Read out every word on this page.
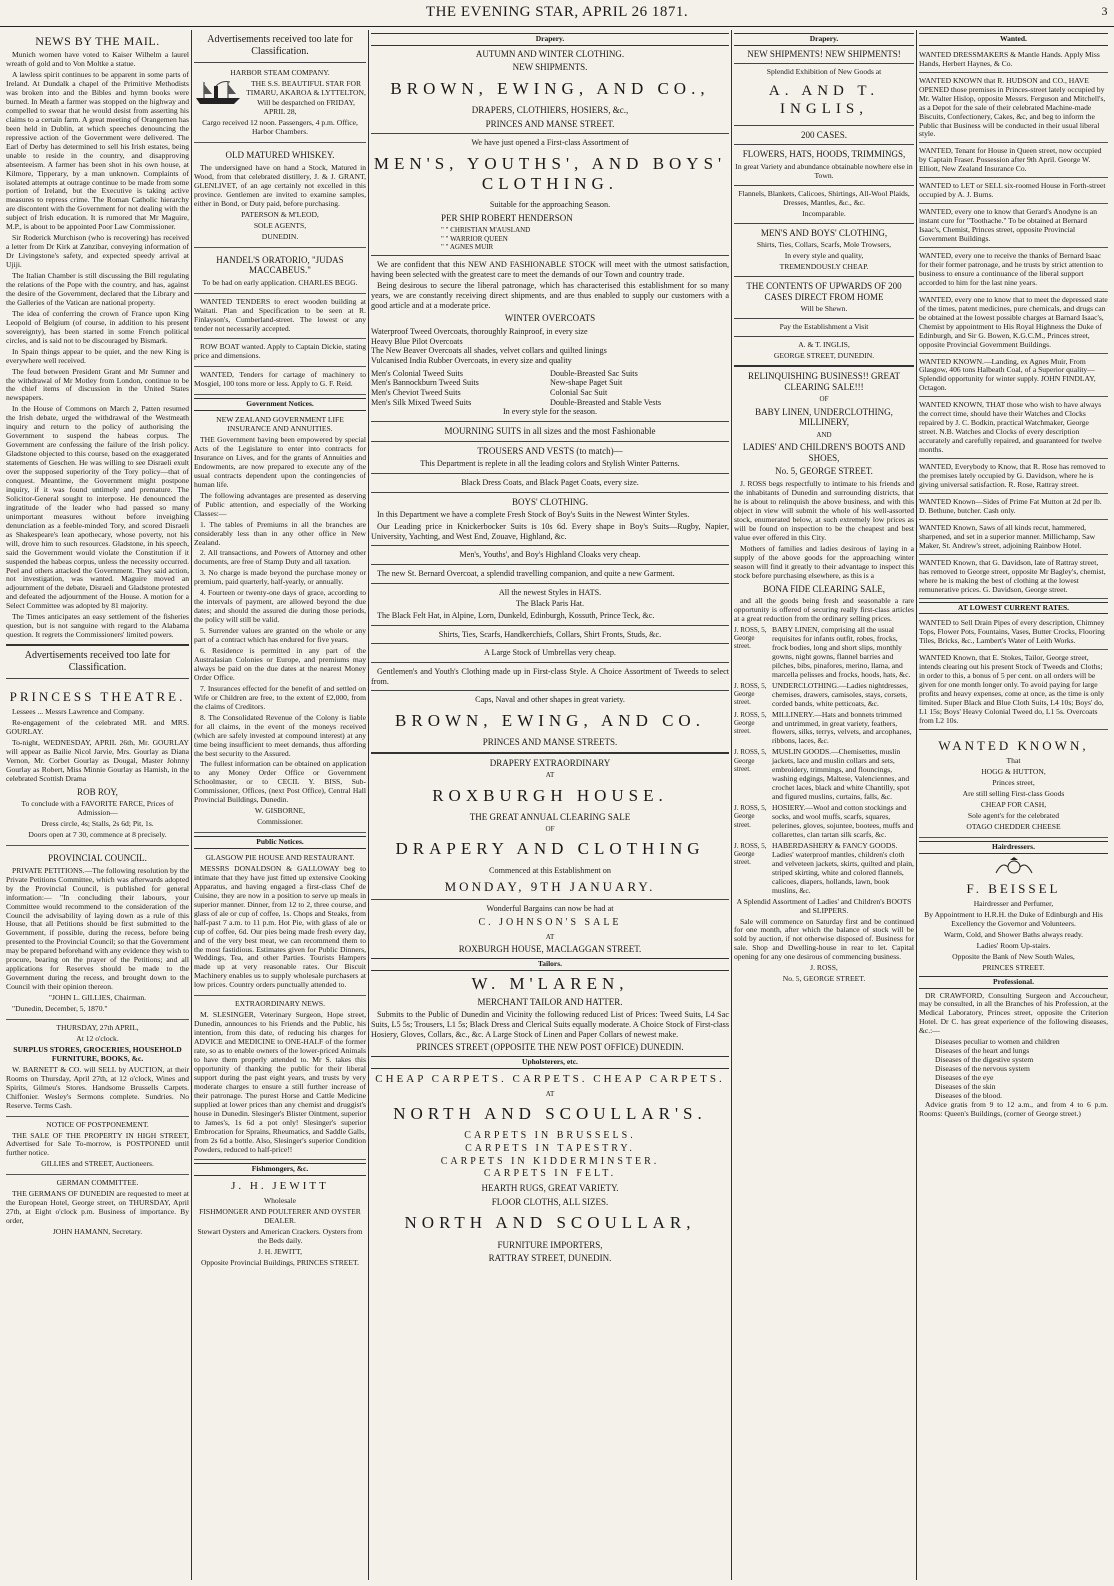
THE EVENING STAR, APRIL 26 1871.	3
NEWS BY THE MAIL.

Munich women have voted to Kaiser Wilhelm a laurel wreath of gold and to Von Moltke a statue.

A lawless spirit continues to be apparent in some parts of Ireland. At Dundalk a chapel of the Primitive Methodists was broken into and the Bibles and hymn books were burned. In Meath a farmer was stopped on the highway and compelled to swear that he would desist from asserting his claims to a certain farm. A great meeting of Orangemen has been held in Dublin, at which speeches denouncing the repressive action of the Government were delivered. The Earl of Derby has determined to sell his Irish estates, being unable to reside in the country, and disapproving absenteeism. A farmer has been shot in his own house, at Kilmore, Tipperary, by a man unknown. Complaints of isolated attempts at outrage continue to be made from some portion of Ireland, but the Executive is taking active measures to repress crime. The Roman Catholic hierarchy are discontent with the Government for not dealing with the subject of Irish education. It is rumored that Mr Maguire, M.P., is about to be appointed Poor Law Commissioner.

Sir Roderick Murchison (who is recovering) has received a letter from Dr Kirk at Zanzibar, conveying information of Dr Livingstone's safety, and expected speedy arrival at Ujiji.

The Italian Chamber is still discussing the Bill regulating the relations of the Pope with the country, and has, against the desire of the Government, declared that the Library and the Galleries of the Vatican are national property.

The idea of conferring the crown of France upon King Leopold of Belgium (of course, in addition to his present sovereignty), has been started in some French political circles, and is said not to be discouraged by Bismark.

In Spain things appear to be quiet, and the new King is everywhere well received.

The feud between President Grant and Mr Sumner and the withdrawal of Mr Motley from London, continue to be the chief items of discussion in the United States newspapers.

In the House of Commons on March 2, Patten resumed the Irish debate, urged the withdrawal of the Westmeath inquiry and return to the policy of authorising the Government to suspend the habeas corpus. The Government are confessing the failure of the Irish policy. Gladstone objected to this course, based on the exaggerated statements of Geschen. He was willing to see Disraeli exult over the supposed superiority of the Tory policy—that of conquest. Meantime, the Government might postpone inquiry, if it was found untimely and premature. The Solicitor-General sought to interpose. He denounced the ingratitude of the leader who had passed so many unimportant measures without before inveighing denunciation as a feeble-minded Tory, and scored Disraeli as Shakespeare's lean apothecary, whose poverty, not his will, drove him to such resources. Gladstone, in his speech, said the Government would violate the Constitution if it suspended the habeas corpus, unless the necessity occurred. Peel and others attacked the Government. They said action, not investigation, was wanted. Maguire moved an adjournment of the debate, Disraeli and Gladstone protested and defeated the adjournment of the House. A motion for a Select Committee was adopted by 81 majority.

The Times anticipates an easy settlement of the fisheries question, but is not sanguine with regard to the Alabama question. It regrets the Commissioners' limited powers.

Advertisements received too late for Classification.
PRINCESS THEATRE.

Lessees ... Messrs Lawrence and Company.

Re-engagement of the celebrated MR. and MRS. GOURLAY.

To-night, WEDNESDAY, APRIL 26th, Mr. GOURLAY will appear as Bailie Nicol Jarvie, Mrs. Gourlay as Diana Vernon, Mr. Corbet Gourlay as Dougal, Master Johnny Gourlay as Robert, Miss Minnie Gourlay as Hamish, in the celebrated Scottish Drama

ROB ROY,

To conclude with a FAVORITE FARCE, Prices of Admission—

Dress circle, 4s; Stalls, 2s 6d; Pit, 1s.

Doors open at 7 30, commence at 8 precisely.

PROVINCIAL COUNCIL.

PRIVATE PETITIONS.—The following resolution by the Private Petitions Committee, which was afterwards adopted by the Provincial Council, is published for general information:— "In concluding their labours, your Committee would recommend to the consideration of the Council the advisability of laying down as a rule of this House, that all Petitions should be first submitted to the Government, if possible, during the recess, before being presented to the Provincial Council; so that the Government may be prepared beforehand with any evidence they wish to procure, bearing on the prayer of the Petitions; and all applications for Reserves should be made to the Government during the recess, and brought down to the Council with their opinion thereon.

"JOHN L. GILLIES, Chairman.

"Dunedin, December, 5, 1870."

THURSDAY, 27th APRIL,

At 12 o'clock.

SURPLUS STORES, GROCERIES, HOUSEHOLD FURNITURE, BOOKS, &c.

W. BARNETT & CO. will SELL by AUCTION, at their Rooms on Thursday, April 27th, at 12 o'clock, Wines and Spirits, Gilmeu's Stores. Handsome Brussells Carpets. Chiffonier. Wesley's Sermons complete. Sundries. No Reserve. Terms Cash.

NOTICE OF POSTPONEMENT.

THE SALE OF THE PROPERTY IN HIGH STREET, Advertised for Sale To-morrow, is POSTPONED until further notice.

GILLIES and STREET, Auctioneers.

GERMAN COMMITTEE.

THE GERMANS OF DUNEDIN are requested to meet at the European Hotel, George street, on THURSDAY, April 27th, at Eight o'clock p.m. Business of importance. By order,

JOHN HAMANN, Secretary.

Advertisements received too late for Classification.

HARBOR STEAM COMPANY.

THE S.S. BEAUTIFUL STAR FOR TIMARU, AKAROA & LYTTELTON,

Will be despatched on FRIDAY, APRIL 28,

Cargo received 12 noon. Passengers, 4 p.m. Office, Harbor Chambers.

OLD MATURED WHISKEY.

The undersigned have on hand a Stock, Matured in Wood, from that celebrated distillery, J. & J. GRANT, GLENLIVET, of an age certainly not excelled in this province. Gentlemen are invited to examine samples, either in Bond, or Duty paid, before purchasing.

PATERSON & M'LEOD,

SOLE AGENTS,

DUNEDIN.

HANDEL'S ORATORIO, "JUDAS MACCABEUS."

To be had on early application. CHARLES BEGG.

WANTED TENDERS to erect wooden building at Waitati. Plan and Specification to be seen at R. Finlayson's, Cumberland-street. The lowest or any tender not necessarily accepted.

ROW BOAT wanted. Apply to Captain Dickie, stating price and dimensions.

WANTED, Tenders for cartage of machinery to Mosgiel, 100 tons more or less. Apply to G. F. Reid.

Government Notices.

NEW ZEALAND GOVERNMENT LIFE INSURANCE AND ANNUITIES.

THE Government having been empowered by special Acts of the Legislature to enter into contracts for Insurance on Lives, and for the grants of Annuities and Endowments, are now prepared to execute any of the usual contracts dependent upon the contingencies of human life.

The following advantages are presented as deserving of Public attention, and especially of the Working Classes:—

1. The tables of Premiums in all the branches are considerably less than in any other office in New Zealand.

2. All transactions, and Powers of Attorney and other documents, are free of Stamp Duty and all taxation.

3. No charge is made beyond the purchase money or premium, paid quarterly, half-yearly, or annually.

4. Fourteen or twenty-one days of grace, according to the intervals of payment, are allowed beyond the due dates; and should the assured die during those periods, the policy will still be valid.

5. Surrender values are granted on the whole or any part of a contract which has endured for five years.

6. Residence is permitted in any part of the Australasian Colonies or Europe, and premiums may always be paid on the due dates at the nearest Money Order Office.

7. Insurances effected for the benefit of and settled on Wife or Children are free, to the extent of £2,000, from the claims of Creditors.

8. The Consolidated Revenue of the Colony is liable for all claims, in the event of the moneys received (which are safely invested at compound interest) at any time being insufficient to meet demands, thus affording the best security to the Assured.

The fullest information can be obtained on application to any Money Order Office or Government Schoolmaster, or to CECIL Y. BISS, Sub-Commissioner, Offices, (next Post Office), Central Hall Provincial Buildings, Dunedin.

W. GISBORNE,

Commissioner.

Public Notices.

GLASGOW PIE HOUSE AND RESTAURANT.

MESSRS DONALDSON & GALLOWAY beg to intimate that they have just fitted up extensive Cooking Apparatus, and having engaged a first-class Chef de Cuisine, they are now in a position to serve up meals in superior manner. Dinner, from 12 to 2, three course, and glass of ale or cup of coffee, 1s. Chops and Steaks, from half-past 7 a.m. to 11 p.m. Hot Pie, with glass of ale or cup of coffee, 6d. Our pies being made fresh every day, and of the very best meat, we can recommend them to the most fastidious. Estimates given for Public Dinners, Weddings, Tea, and other Parties. Tourists Hampers made up at very reasonable rates. Our Biscuit Machinery enables us to supply wholesale purchasers at low prices. Country orders punctually attended to.

EXTRAORDINARY NEWS.

M. SLESINGER, Veterinary Surgeon, Hope street, Dunedin, announces to his Friends and the Public, his intention, from this date, of reducing his charges for ADVICE and MEDICINE to ONE-HALF of the former rate, so as to enable owners of the lower-priced Animals to have them properly attended to. Mr S. takes this opportunity of thanking the public for their liberal support during the past eight years, and trusts by very moderate charges to ensure a still further increase of their patronage. The purest Horse and Cattle Medicine supplied at lower prices than any chemist and druggist's house in Dunedin. Slesinger's Blister Ointment, superior to James's, 1s 6d a pot only! Slesinger's superior Embrocation for Sprains, Rheumatics, and Saddle Galls, from 2s 6d a bottle. Also, Slesinger's superior Condition Powders, reduced to half-price!!

Fishmongers, &c.
J. H. JEWITT

Wholesale

FISHMONGER AND POULTERER AND OYSTER DEALER.

Stewart Oysters and American Crackers. Oysters from the Beds daily.

J. H. JEWITT,

Opposite Provincial Buildings, PRINCES STREET.

Drapery.
AUTUMN AND WINTER CLOTHING.
NEW SHIPMENTS.
BROWN, EWING, AND CO.,
DRAPERS, CLOTHIERS, HOSIERS, &c.,
PRINCES AND MANSE STREET.

We have just opened a First-class Assortment of

MEN'S, YOUTHS', AND BOYS' CLOTHING.

Suitable for the approaching Season.

PER SHIP ROBERT HENDERSON
" " CHRISTIAN M'AUSLAND
" " WARRIOR QUEEN
" " AGNES MUIR

We are confident that this NEW AND FASHIONABLE STOCK will meet with the utmost satisfaction, having been selected with the greatest care to meet the demands of our Town and country trade.

Being desirous to secure the liberal patronage, which has characterised this establishment for so many years, we are constantly receiving direct shipments, and are thus enabled to supply our customers with a good article and at a moderate price.

WINTER OVERCOATS
Waterproof Tweed Overcoats, thoroughly Rainproof, in every size
Heavy Blue Pilot Overcoats
The New Beaver Overcoats all shades, velvet collars and quilted linings
Vulcanised India Rubber Overcoats, in every size and quality
Men's Colonial Tweed Suits
Men's Bannockburn Tweed Suits
Men's Cheviot Tweed Suits
Men's Silk Mixed Tweed Suits
Double-Breasted Sac Suits
New-shape Paget Suit
Colonial Sac Suit
Double-Breasted and Stable Vests

In every style for the season.

MOURNING SUITS in all sizes and the most Fashionable
TROUSERS AND VESTS (to match)—

This Department is replete in all the leading colors and Stylish Winter Patterns.

Black Dress Coats, and Black Paget Coats, every size.

BOYS' CLOTHING.

In this Department we have a complete Fresh Stock of Boy's Suits in the Newest Winter Styles.

Our Leading price in Knickerbocker Suits is 10s 6d. Every shape in Boy's Suits—Rugby, Napier, University, Yachting, and West End, Zouave, Highland, &c.

Men's, Youths', and Boy's Highland Cloaks very cheap.

The new St. Bernard Overcoat, a splendid travelling companion, and quite a new Garment.

All the newest Styles in HATS.

The Black Paris Hat.

The Black Felt Hat, in Alpine, Lorn, Dunkeld, Edinburgh, Kossuth, Prince Teck, &c.

Shirts, Ties, Scarfs, Handkerchiefs, Collars, Shirt Fronts, Studs, &c.

A Large Stock of Umbrellas very cheap.

Gentlemen's and Youth's Clothing made up in First-class Style. A Choice Assortment of Tweeds to select from.

Caps, Naval and other shapes in great variety.

BROWN, EWING, AND CO.
PRINCES AND MANSE STREETS.
DRAPERY EXTRAORDINARY
AT
ROXBURGH HOUSE.
THE GREAT ANNUAL CLEARING SALE
OF
DRAPERY AND CLOTHING

Commenced at this Establishment on

MONDAY, 9TH JANUARY.

Wonderful Bargains can now be had at

C. JOHNSON'S SALE
AT
ROXBURGH HOUSE, MACLAGGAN STREET.
Tailors.
W. M'LAREN,
MERCHANT TAILOR AND HATTER.

Submits to the Public of Dunedin and Vicinity the following reduced List of Prices: Tweed Suits, L4 Sac Suits, L5 5s; Trousers, L1 5s; Black Dress and Clerical Suits equally moderate. A Choice Stock of First-class Hosiery, Gloves, Collars, &c., &c. A Large Stock of Linen and Paper Collars of newest make.

PRINCES STREET (OPPOSITE THE NEW POST OFFICE) DUNEDIN.
Upholsterers, etc.
CHEAP CARPETS. CARPETS. CHEAP CARPETS.
AT
NORTH AND SCOULLAR'S.
CARPETS IN BRUSSELS.
CARPETS IN TAPESTRY.
CARPETS IN KIDDERMINSTER.
CARPETS IN FELT.
HEARTH RUGS, GREAT VARIETY.
FLOOR CLOTHS, ALL SIZES.
NORTH AND SCOULLAR,
FURNITURE IMPORTERS,
RATTRAY STREET, DUNEDIN.
Drapery.
NEW SHIPMENTS! NEW SHIPMENTS!

Splendid Exhibition of New Goods at

A. AND T. INGLIS,
200 CASES.
FLOWERS, HATS, HOODS, TRIMMINGS,

In great Variety and abundance obtainable nowhere else in Town.

Flannels, Blankets, Calicoes, Shirtings, All-Wool Plaids, Dresses, Mantles, &c., &c.

Incomparable.

MEN'S AND BOYS' CLOTHING,

Shirts, Ties, Collars, Scarfs, Mole Trowsers,

In every style and quality,

TREMENDOUSLY CHEAP.

THE CONTENTS OF UPWARDS OF 200 CASES DIRECT FROM HOME

Will be Shewn.

Pay the Establishment a Visit

A. & T. INGLIS,

GEORGE STREET, DUNEDIN.

RELINQUISHING BUSINESS!! GREAT CLEARING SALE!!!
OF
BABY LINEN, UNDERCLOTHING, MILLINERY,
AND
LADIES' AND CHILDREN'S BOOTS AND SHOES,
No. 5, GEORGE STREET.

J. ROSS begs respectfully to intimate to his friends and the inhabitants of Dunedin and surrounding districts, that he is about to relinquish the above business, and with this object in view will submit the whole of his well-assorted stock, enumerated below, at such extremely low prices as will be found on inspection to be the cheapest and best value ever offered in this City.

Mothers of families and ladies desirous of laying in a supply of the above goods for the approaching winter season will find it greatly to their advantage to inspect this stock before purchasing elsewhere, as this is a

BONA FIDE CLEARING SALE,

and all the goods being fresh and seasonable a rare opportunity is offered of securing really first-class articles at a great reduction from the ordinary selling prices.

J. ROSS, 5, George street.
BABY LINEN, comprising all the usual requisites for infants outfit, robes, frocks, frock bodies, long and short slips, monthly gowns, night gowns, flannel barries and pilches, bibs, pinafores, merino, llama, and marcella pelisses and frocks, hoods, hats, &c.
J. ROSS, 5, George street.
UNDERCLOTHING.—Ladies nightdresses, chemises, drawers, camisoles, stays, corsets, corded bands, white petticoats, &c.
J. ROSS, 5, George street.
MILLINERY.—Hats and bonnets trimmed and untrimmed, in great variety, feathers, flowers, silks, terrys, velvets, and arcophanes, ribbons, laces, &c.
J. ROSS, 5, George street.
MUSLIN GOODS.—Chemisettes, muslin jackets, lace and muslin collars and sets, embroidery, trimmings, and flouncings, washing edgings, Maltese, Valenciennes, and crochet laces, black and white Chantilly, spot and figured muslins, curtains, falls, &c.
J. ROSS, 5, George street.
HOSIERY.—Wool and cotton stockings and socks, and wool muffs, scarfs, squares, pelerines, gloves, sojuntee, bootees, muffs and collarettes, clan tartan silk scarfs, &c.
J. ROSS, 5, George street.
HABERDASHERY & FANCY GOODS. Ladies' waterproof mantles, children's cloth and velveteen jackets, skirts, quilted and plain, striped skirting, white and colored flannels, calicoes, diapers, hollands, lawn, book muslins, &c.

A Splendid Assortment of Ladies' and Children's BOOTS and SLIPPERS.

Sale will commence on Saturday first and be continued for one month, after which the balance of stock will be sold by auction, if not otherwise disposed of. Business for sale. Shop and Dwelling-house in rear to let. Capital opening for any one desirous of commencing business.

J. ROSS,

No. 5, GEORGE STREET.

Wanted.
WANTED DRESSMAKERS & Mantle Hands. Apply Miss Hands, Herbert Haynes, & Co.
WANTED KNOWN that R. HUDSON and CO., HAVE OPENED those premises in Princes-street lately occupied by Mr. Walter Hislop, opposite Messrs. Ferguson and Mitchell's, as a Depot for the sale of their celebrated Machine-made Biscuits, Confectionery, Cakes, &c, and beg to inform the Public that Business will be conducted in their usual liberal style.
WANTED, Tenant for House in Queen street, now occupied by Captain Fraser. Possession after 9th April. George W. Elliott, New Zealand Insurance Co.
WANTED to LET or SELL six-roomed House in Forth-street occupied by A. J. Burns.
WANTED, every one to know that Gerard's Anodyne is an instant cure for "Toothache." To be obtained at Bernard Isaac's, Chemist, Princes street, opposite Provincial Government Buildings.
WANTED, every one to receive the thanks of Bernard Isaac for their former patronage, and he trusts by strict attention to business to ensure a continuance of the liberal support accorded to him for the last nine years.
WANTED, every one to know that to meet the depressed state of the times, patent medicines, pure chemicals, and drugs can be obtained at the lowest possible charges at Barnard Isaac's, Chemist by appointment to His Royal Highness the Duke of Edinburgh, and Sir G. Bowen, K.G.C.M., Princes street, opposite Provincial Government Buildings.
WANTED KNOWN.—Landing, ex Agnes Muir, From Glasgow, 406 tons Halbeath Coal, of a Superior quality—Splendid opportunity for winter supply. JOHN FINDLAY, Octagon.
WANTED KNOWN, THAT those who wish to have always the correct time, should have their Watches and Clocks repaired by J. C. Bodkin, practical Watchmaker, George street. N.B. Watches and Clocks of every description accurately and carefully repaired, and guaranteed for twelve months.
WANTED, Everybody to Know, that R. Rose has removed to the premises lately occupied by G. Davidson, where he is giving universal satisfaction. R. Rose, Rattray street.
WANTED Known—Sides of Prime Fat Mutton at 2d per lb. D. Bethune, butcher. Cash only.
WANTED Known, Saws of all kinds recut, hammered, sharpened, and set in a superior manner. Millichamp, Saw Maker, St. Andrew's street, adjoining Rainbow Hotel.
WANTED Known, that G. Davidson, late of Rattray street, has removed to George street, opposite Mr Bagley's, chemist, where he is making the best of clothing at the lowest remunerative prices. G. Davidson, George street.
AT LOWEST CURRENT RATES.
WANTED to Sell Drain Pipes of every description, Chimney Tops, Flower Pots, Fountains, Vases, Butter Crocks, Flooring Tiles, Bricks, &c., Lambert's Water of Leith Works.
WANTED Known, that E. Stokes, Tailor, George street, intends clearing out his present Stock of Tweeds and Cloths; in order to this, a bonus of 5 per cent. on all orders will be given for one month longer only. To avoid paying for large profits and heavy expenses, come at once, as the time is only limited. Super Black and Blue Cloth Suits, L4 10s; Boys' do, L1 15s; Boys' Heavy Colonial Tweed do, L1 5s. Overcoats from L2 10s.
WANTED KNOWN,

That

HOGG & HUTTON,

Princes street,

Are still selling First-class Goods

CHEAP FOR CASH,

Sole agent's for the celebrated

OTAGO CHEDDER CHEESE

Hairdressers.
F. BEISSEL

Hairdresser and Perfumer,

By Appointment to H.R.H. the Duke of Edinburgh and His Excellency the Governor and Volunteers.

Warm, Cold, and Shower Baths always ready.

Ladies' Room Up-stairs.

Opposite the Bank of New South Wales,

PRINCES STREET.

Professional.

DR CRAWFORD, Consulting Surgeon and Accoucheur, may be consulted, in all the Branches of his Profession, at the Medical Laboratory, Princes street, opposite the Criterion Hotel. Dr C. has great experience of the following diseases, &c.:—

Diseases peculiar to women and children
Diseases of the heart and lungs
Diseases of the digestive system
Diseases of the nervous system
Diseases of the eye
Diseases of the skin
Diseases of the blood.

Advice gratis from 9 to 12 a.m., and from 4 to 6 p.m. Rooms: Queen's Buildings, (corner of George street.)
